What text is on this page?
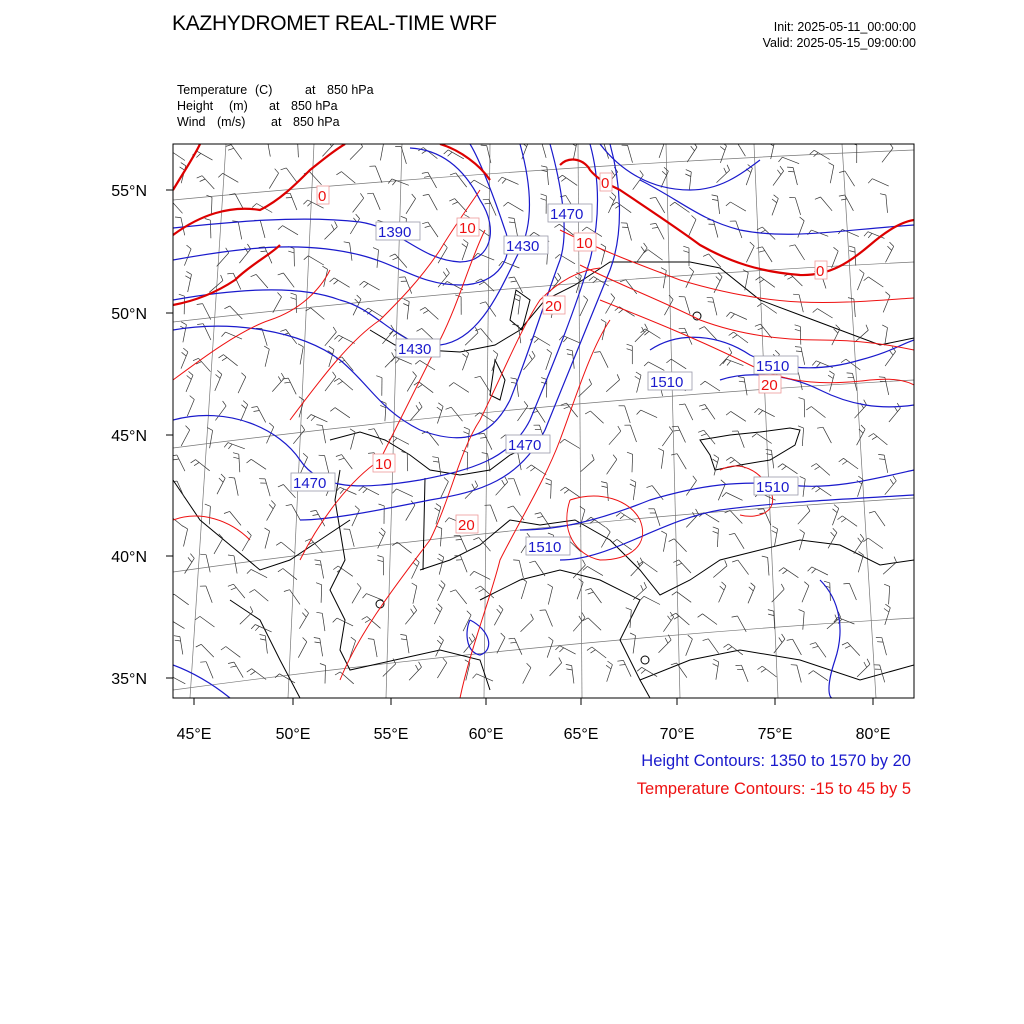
KAZHYDROMET REAL-TIME WRF	Init: 2025-05-11_00:00:00
Valid: 2025-05-15_09:00:00
Temperature (C)	at 850 hPa
Height (m) at 850 hPa
Wind (m/s) at 850 hPa
1390
1430
1470
1430
1470
1510
1510
1470
1510
1510
0
0
0
10
10
20
20
10
20
55°N
50°N
45°N
40°N
35°N
45°E	50°E	55°E	60°E	65°E	70°E	75°E	80°E
Height Contours: 1350 to 1570 by 20
Temperature Contours: -15 to 45 by 5
